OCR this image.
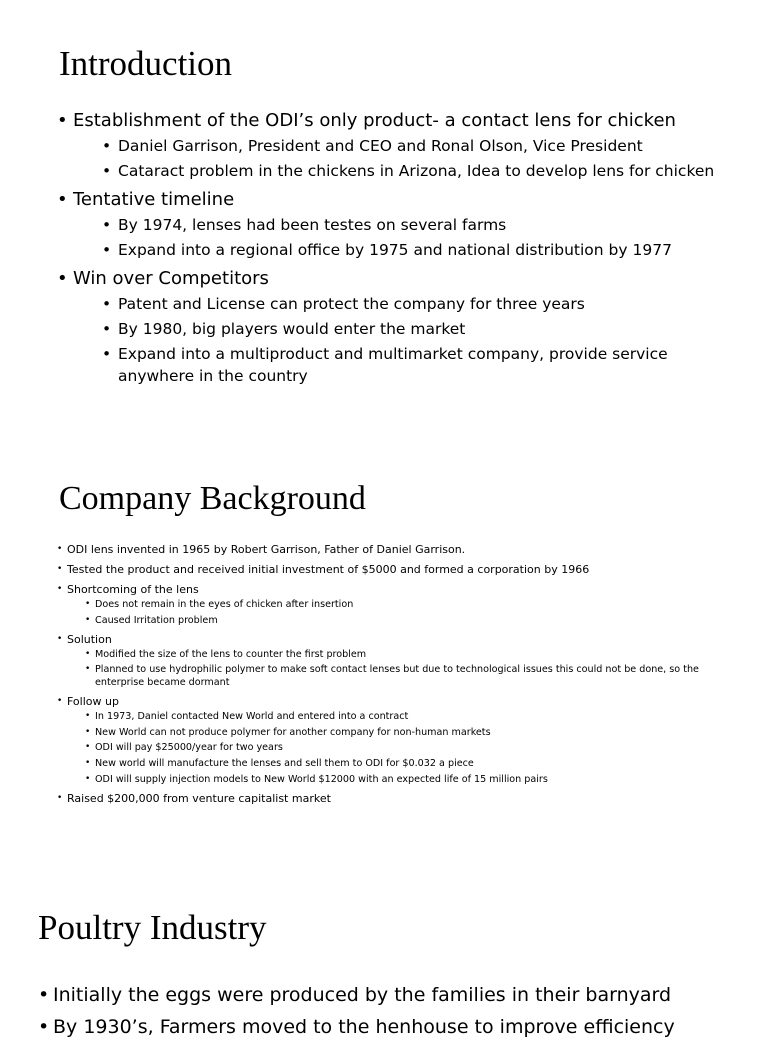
Introduction
• Establishment of the ODI’s only product- a contact lens for chicken
• Daniel Garrison, President and CEO and Ronal Olson, Vice President
• Cataract problem in the chickens in Arizona, Idea to develop lens for chicken
• Tentative timeline
• By 1974, lenses had been testes on several farms
• Expand into a regional office by 1975 and national distribution by 1977
• Win over Competitors
• Patent and License can protect the company for three years
• By 1980, big players would enter the market
• Expand into a multiproduct and multimarket company, provide service anywhere in the country
Company Background
• ODI lens invented in 1965 by Robert Garrison, Father of Daniel Garrison.
• Tested the product and received initial investment of $5000 and formed a corporation by 1966
• Shortcoming of the lens
• Does not remain in the eyes of chicken after insertion
• Caused Irritation problem
• Solution
• Modified the size of the lens to counter the first problem
• Planned to use hydrophilic polymer to make soft contact lenses but due to technological issues this could not be done, so the enterprise became dormant
• Follow up
• In 1973, Daniel contacted New World and entered into a contract
• New World can not produce polymer for another company for non-human markets
• ODI will pay $25000/year for two years
• New world will manufacture the lenses and sell them to ODI for $0.032 a piece
• ODI will supply injection models to New World $12000 with an expected life of 15 million pairs
• Raised $200,000 from venture capitalist market
Poultry Industry
• Initially the eggs were produced by the families in their barnyard
• By 1930’s, Farmers moved to the henhouse to improve efficiency
